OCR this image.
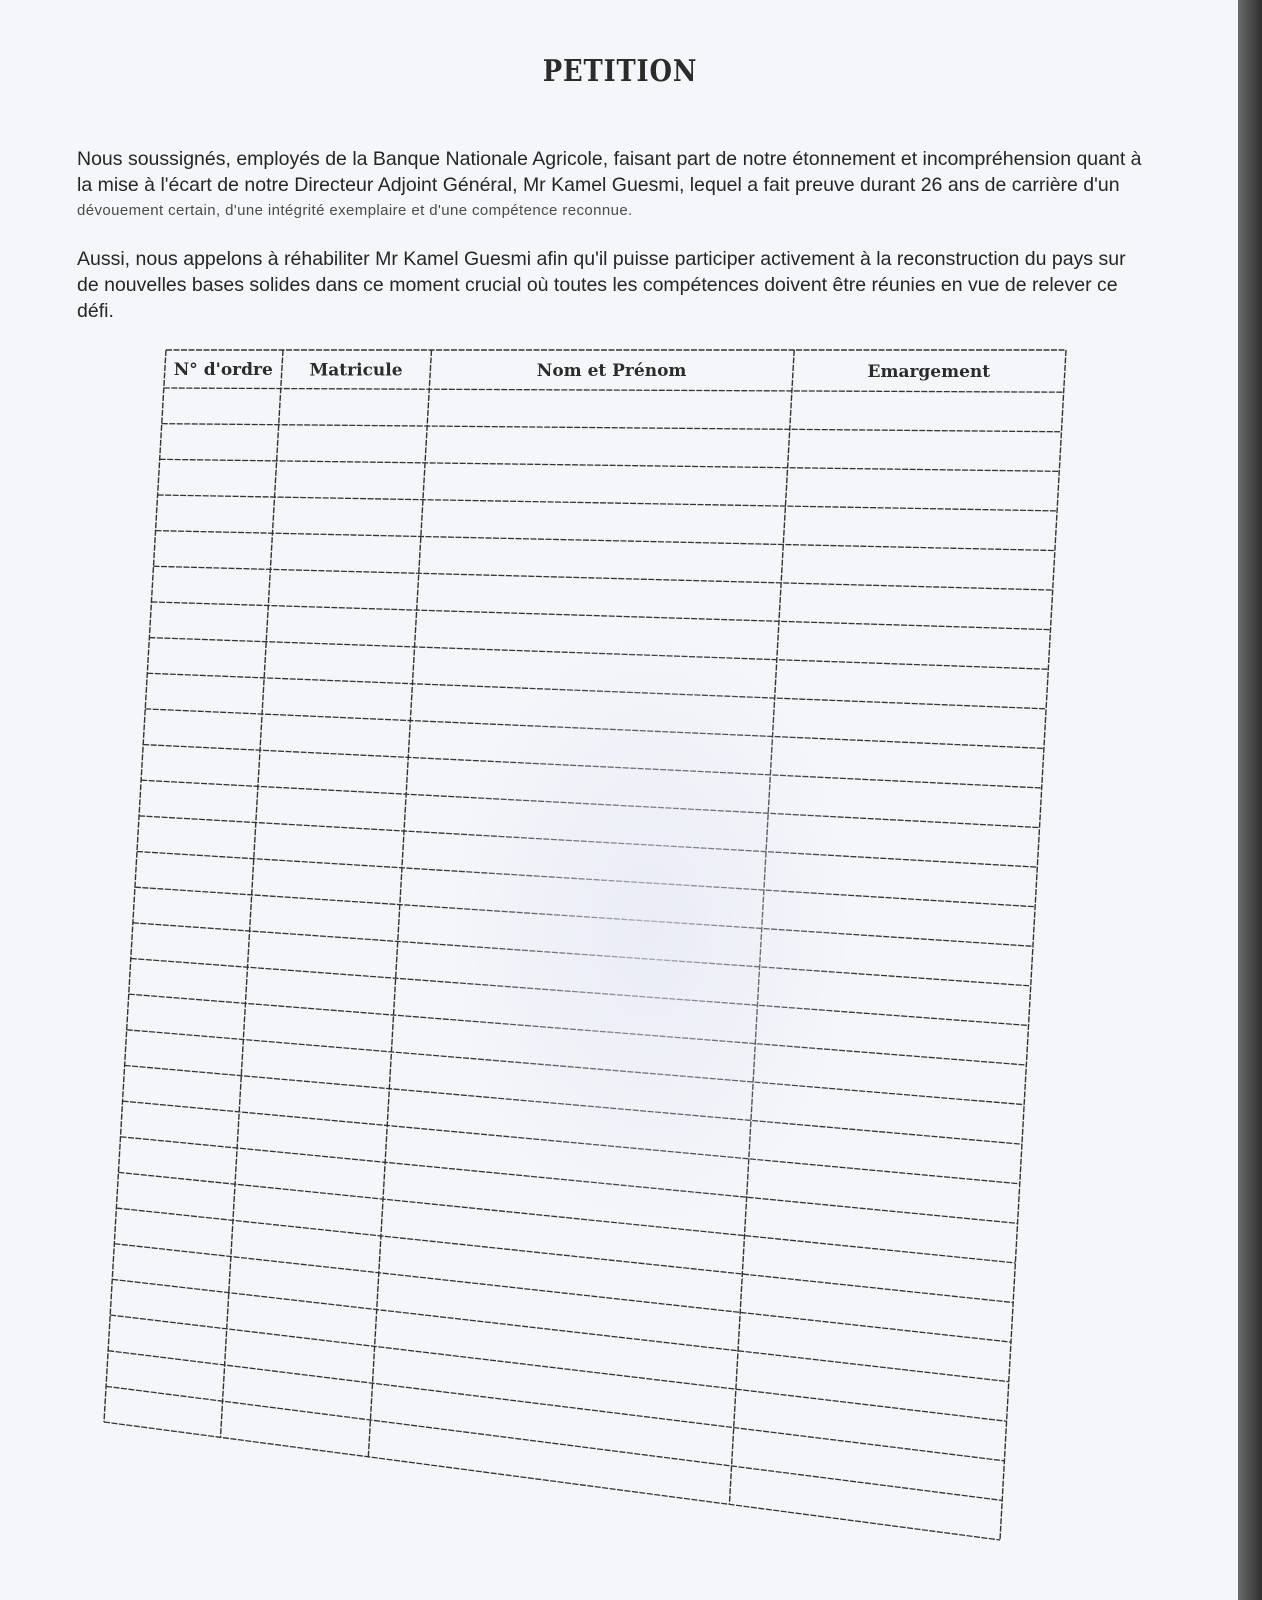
PETITION
Nous soussignés, employés de la Banque Nationale Agricole, faisant part de notre étonnement et incompréhension quant à
la mise à l'écart de notre Directeur Adjoint Général, Mr Kamel Guesmi, lequel a fait preuve durant 26 ans de carrière d'un
dévouement certain, d'une intégrité exemplaire et d'une compétence reconnue.
Aussi, nous appelons à réhabiliter Mr Kamel Guesmi afin qu'il puisse participer activement à la reconstruction du pays sur
de nouvelles bases solides dans ce moment crucial où toutes les compétences doivent être réunies en vue de relever ce
défi.
N° d'ordre Matricule	Nom et Prénom	Emargement
